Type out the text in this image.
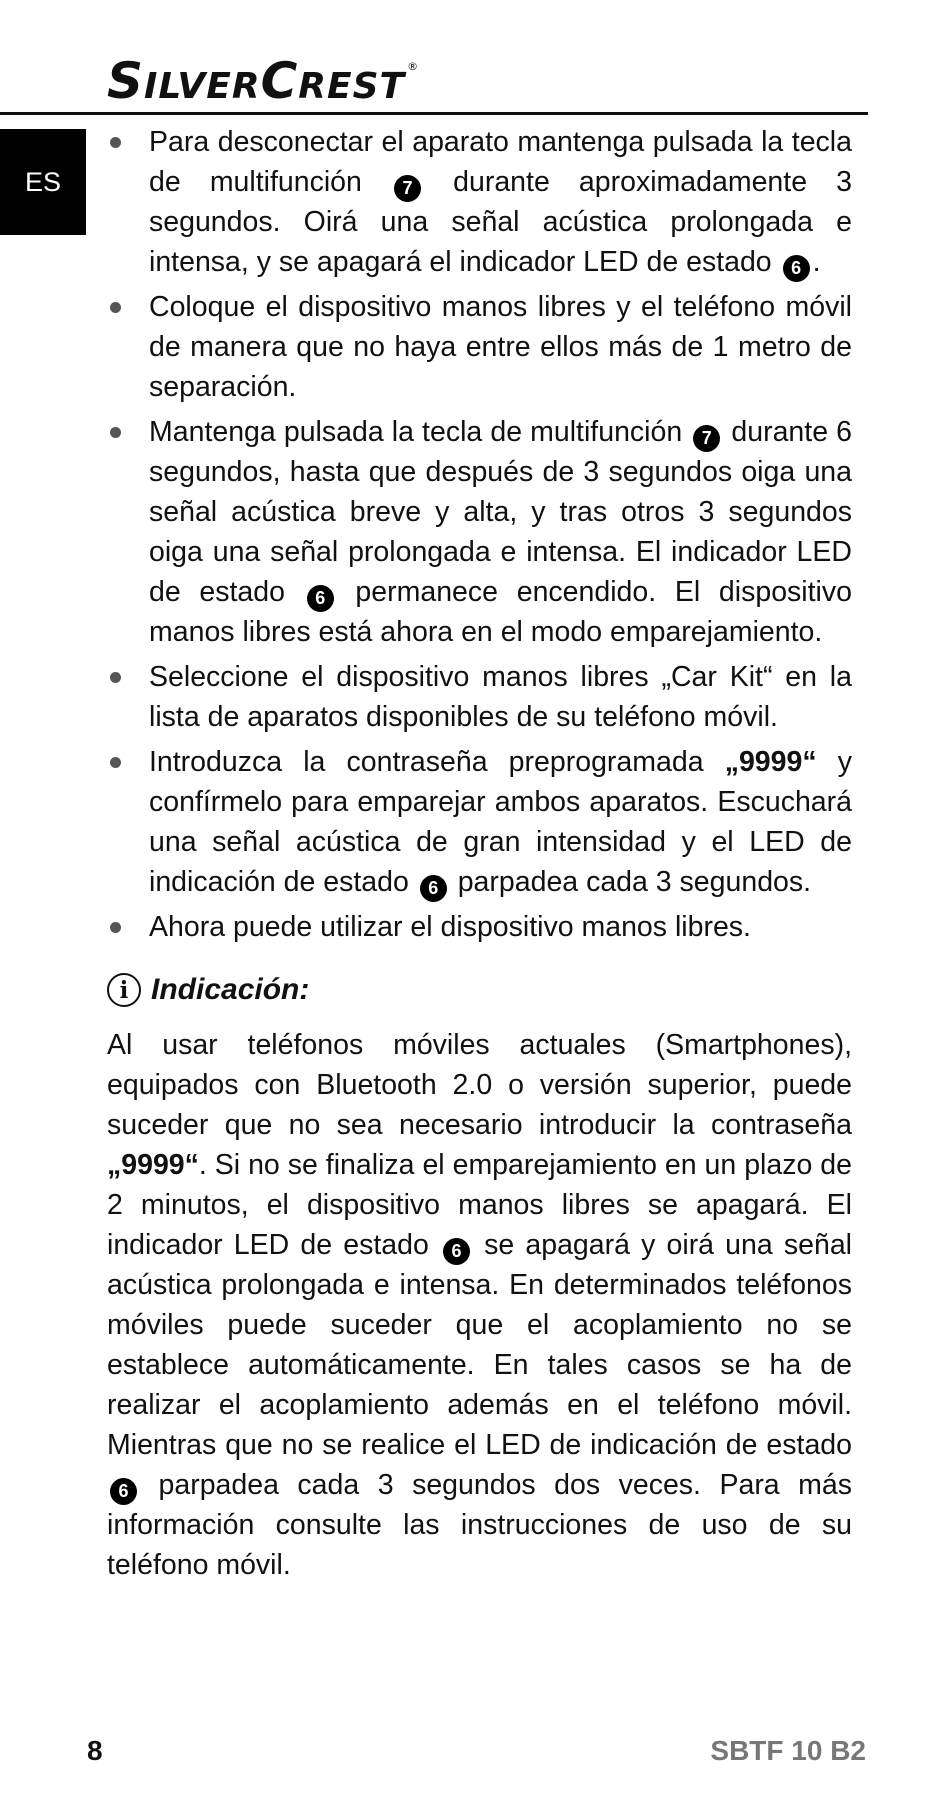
SILVERCREST ®
ES
Para desconectar el aparato mantenga pulsada la tecla de multifunción 7 durante aproximadamente 3 segundos. Oirá una señal acústica prolongada e intensa, y se apagará el indicador LED de estado 6 .
Coloque el dispositivo manos libres y el teléfono móvil de manera que no haya entre ellos más de 1 metro de separación.
Mantenga pulsada la tecla de multifunción 7 durante 6 segundos, hasta que después de 3 segundos oiga una señal acústica breve y alta, y tras otros 3 segundos oiga una señal prolongada e intensa. El indicador LED de estado 6 permanece encendido. El dispositivo manos libres está ahora en el modo emparejamiento.
Seleccione el dispositivo manos libres „Car Kit“ en la lista de aparatos disponibles de su teléfono móvil.
Introduzca la contraseña preprogramada „9999“ y confírmelo para emparejar ambos aparatos. Escuchará una señal acústica de gran intensidad y el LED de indicación de estado 6 parpadea cada 3 segundos.
Ahora puede utilizar el dispositivo manos libres.
i Indicación:
Al usar teléfonos móviles actuales (Smartphones), equipados con Bluetooth 2.0 o versión superior, puede suceder que no sea necesario introducir la contraseña „9999“. Si no se finaliza el emparejamiento en un plazo de 2 minutos, el dispositivo manos libres se apagará. El indicador LED de estado 6 se apagará y oirá una señal acústica prolongada e intensa. En determinados teléfonos móviles puede suceder que el acoplamiento no se establece automáticamente. En tales casos se ha de realizar el acoplamiento además en el teléfono móvil. Mientras que no se realice el LED de indicación de estado 6 parpadea cada 3 segundos dos veces. Para más información consulte las instrucciones de uso de su teléfono móvil.
8	SBTF 10 B2
